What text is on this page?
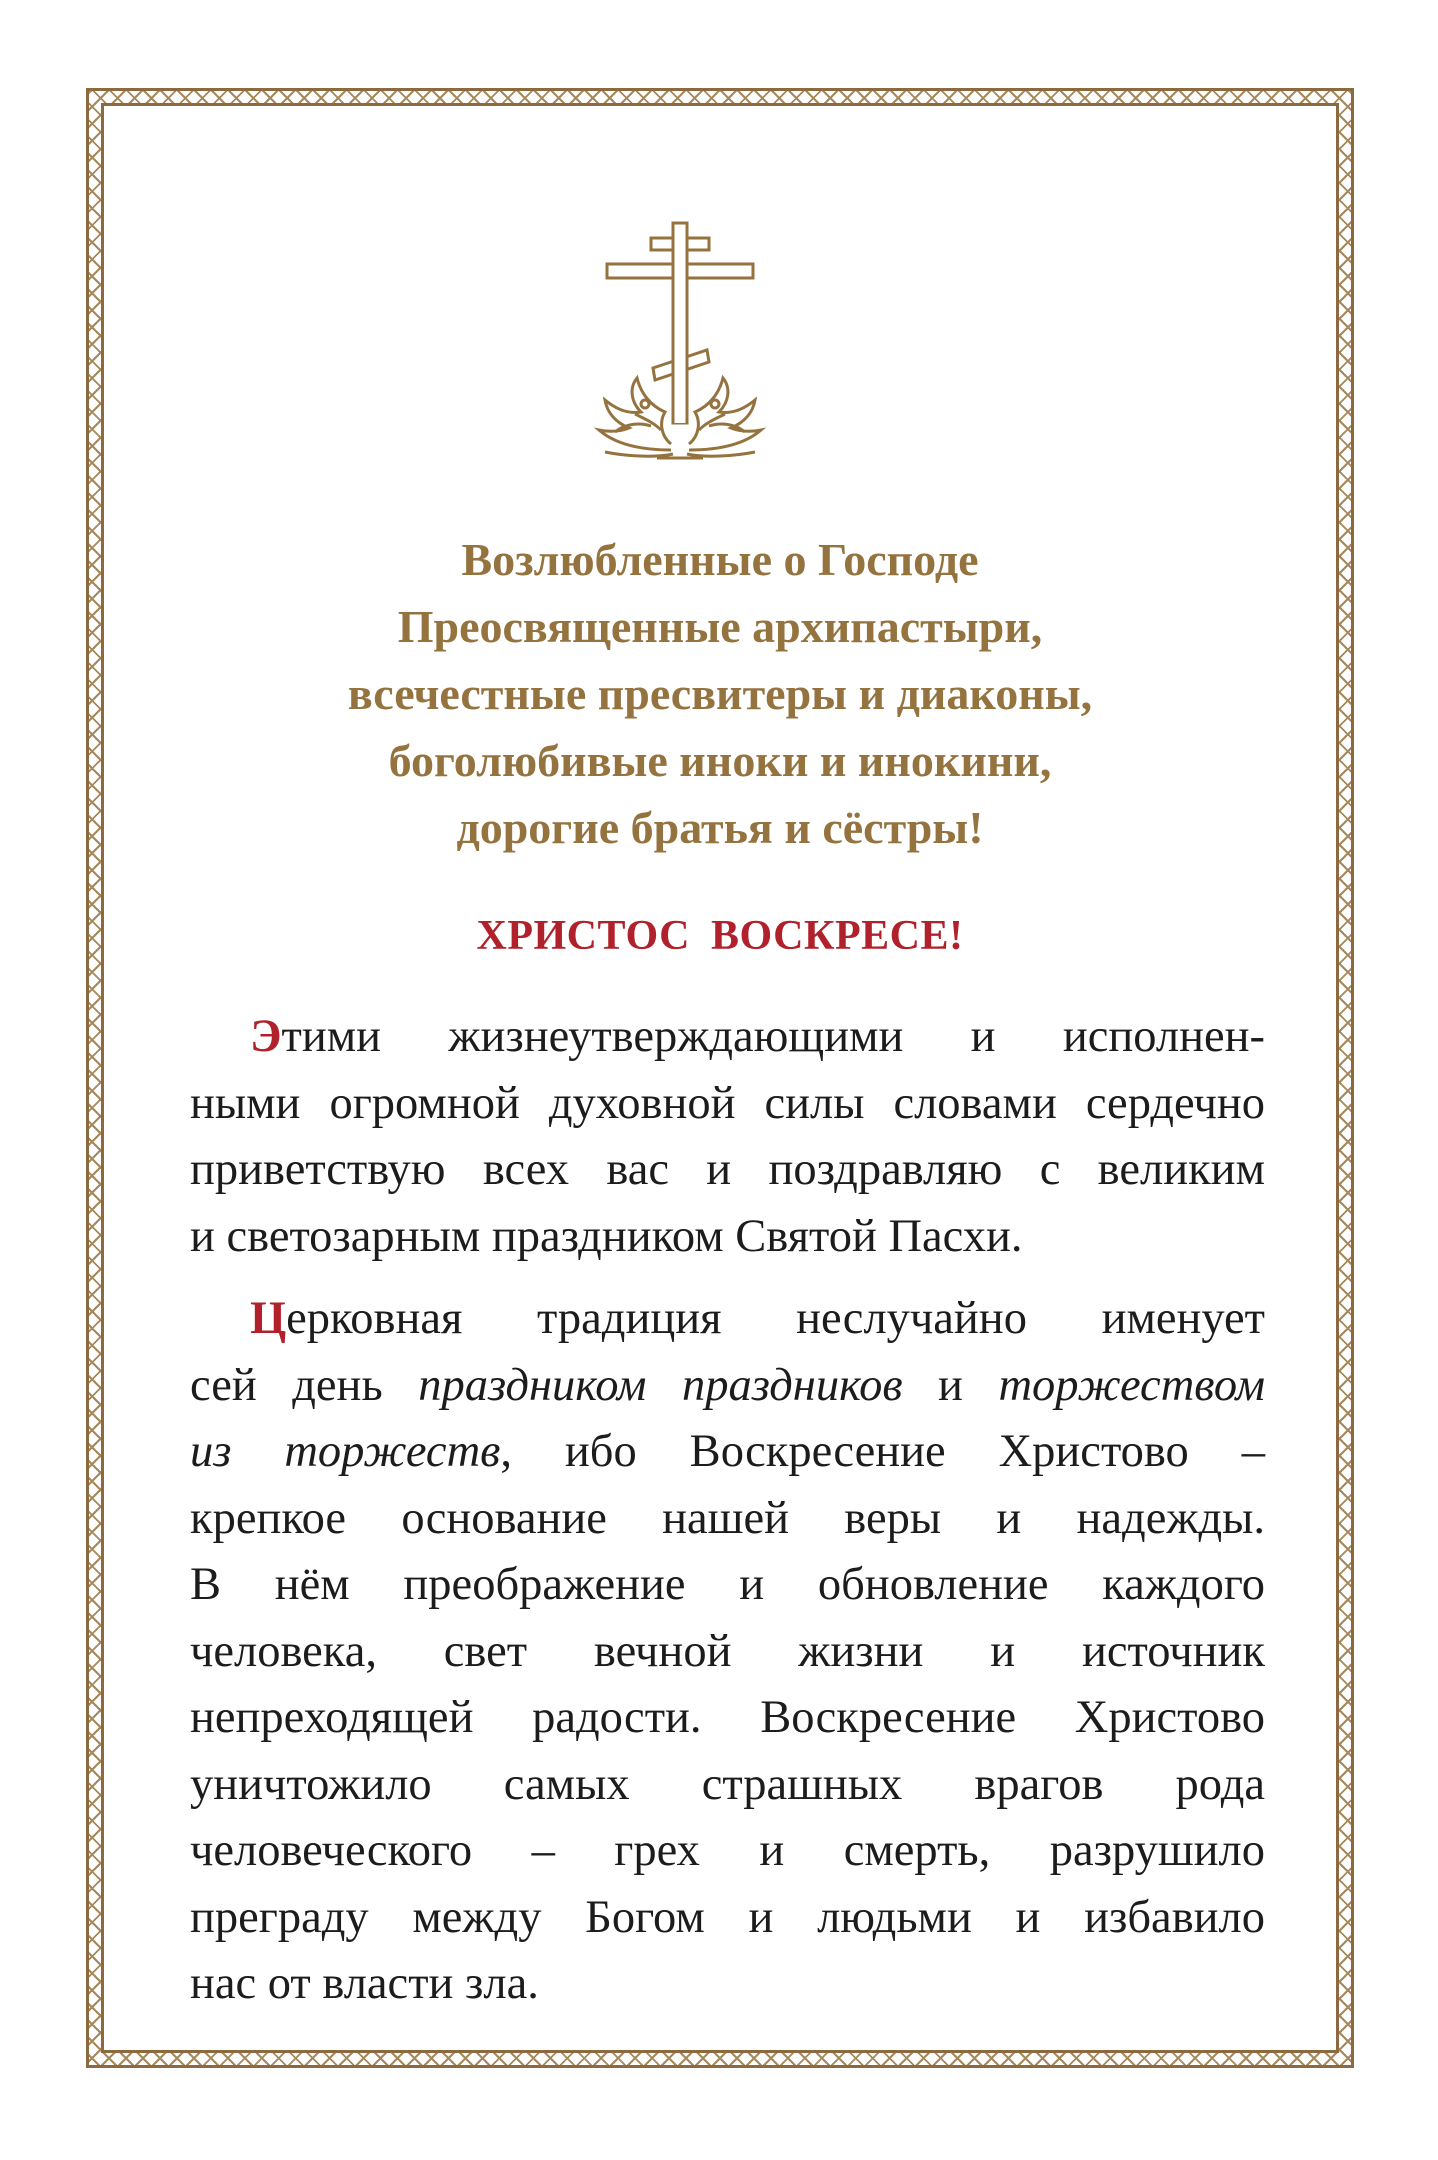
Возлюбленные о Господе
Преосвященные архипастыри,
всечестные пресвитеры и диаконы,
боголюбивые иноки и инокини,
дорогие братья и сёстры!
ХРИСТОС ВОСКРЕСЕ!
Этими жизнеутверждающими и исполнен-
ными огромной духовной силы словами сердечно
приветствую всех вас и поздравляю с великим
и светозарным праздником Святой Пасхи.
Церковная традиция неслучайно именует
сей день праздником праздников и торжеством
из торжеств, ибо Воскресение Христово –
крепкое основание нашей веры и надежды.
В нём преображение и обновление каждого
человека, свет вечной жизни и источник
непреходящей радости. Воскресение Христово
уничтожило самых страшных врагов рода
человеческого – грех и смерть, разрушило
преграду между Богом и людьми и избавило
нас от власти зла.
